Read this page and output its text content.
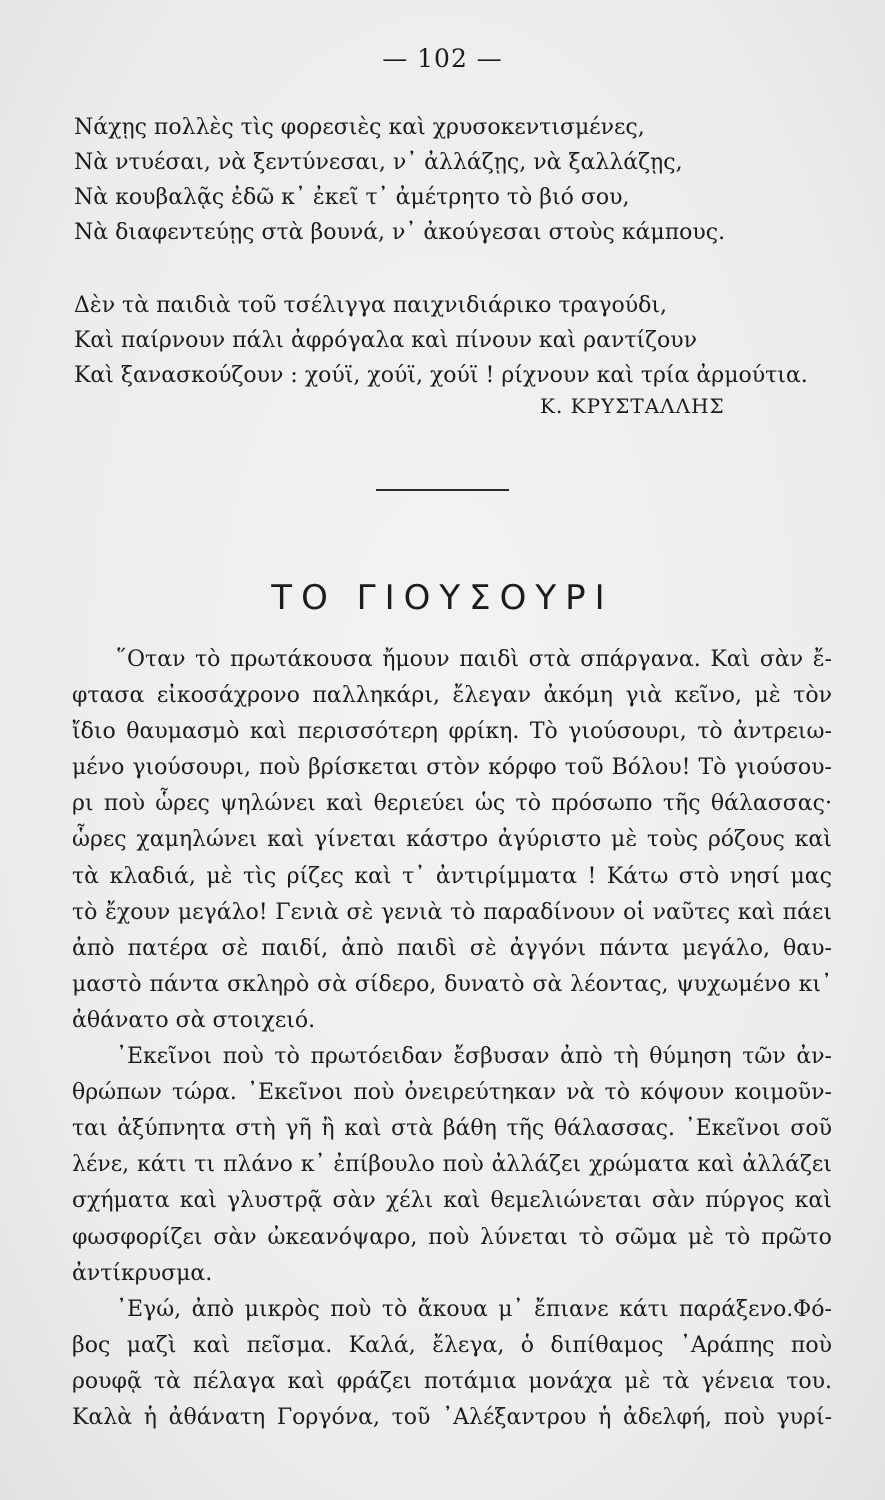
— 102 —
Νάχῃς πολλὲς τὶς φορεσιὲς καὶ χρυσοκεντισμένες,
Νὰ ντυέσαι, νὰ ξεντύνεσαι, ν᾿ ἀλλάζῃς, νὰ ξαλλάζῃς,
Νὰ κουβαλᾷς ἐδῶ κ᾿ ἐκεῖ τ᾿ ἀμέτρητο τὸ βιό σου,
Νὰ διαφεντεύῃς στὰ βουνά, ν᾿ ἀκούγεσαι στοὺς κάμπους.
Δὲν τὰ παιδιὰ τοῦ τσέλιγγα παιχνιδιάρικο τραγούδι,
Καὶ παίρνουν πάλι ἀφρόγαλα καὶ πίνουν καὶ ραντίζουν
Καὶ ξανασκούζουν : χούϊ, χούϊ, χούϊ ! ρίχνουν καὶ τρία ἀρμούτια.
Κ. ΚΡΥΣΤΑΛΛΗΣ
ΤΟ ΓΙΟΥΣΟΥΡΙ
῞Οταν τὸ πρωτάκουσα ἤμουν παιδὶ στὰ σπάργανα. Καὶ σὰν ἔ-
φτασα εἰκοσάχρονο παλληκάρι, ἔλεγαν ἀκόμη γιὰ κεῖνο, μὲ τὸν
ἴδιο θαυμασμὸ καὶ περισσότερη φρίκη. Τὸ γιούσουρι, τὸ ἀντρειω-
μένο γιούσουρι, ποὺ βρίσκεται στὸν κόρφο τοῦ Βόλου! Τὸ γιούσου-
ρι ποὺ ὧρες ψηλώνει καὶ θεριεύει ὡς τὸ πρόσωπο τῆς θάλασσας·
ὧρες χαμηλώνει καὶ γίνεται κάστρο ἀγύριστο μὲ τοὺς ρόζους καὶ
τὰ κλαδιά, μὲ τὶς ρίζες καὶ τ᾿ ἀντιρίμματα ! Κάτω στὸ νησί μας
τὸ ἔχουν μεγάλο! Γενιὰ σὲ γενιὰ τὸ παραδίνουν οἱ ναῦτες καὶ πάει
ἀπὸ πατέρα σὲ παιδί, ἀπὸ παιδὶ σὲ ἀγγόνι πάντα μεγάλο, θαυ-
μαστὸ πάντα σκληρὸ σὰ σίδερο, δυνατὸ σὰ λέοντας, ψυχωμένο κι᾿
ἀθάνατο σὰ στοιχειό.
᾿Εκεῖνοι ποὺ τὸ πρωτόειδαν ἔσβυσαν ἀπὸ τὴ θύμηση τῶν ἀν-
θρώπων τώρα. ᾿Εκεῖνοι ποὺ ὀνειρεύτηκαν νὰ τὸ κόψουν κοιμοῦν-
ται ἀξύπνητα στὴ γῆ ἢ καὶ στὰ βάθη τῆς θάλασσας. ᾿Εκεῖνοι σοῦ
λένε, κάτι τι πλάνο κ᾿ ἐπίβουλο ποὺ ἀλλάζει χρώματα καὶ ἀλλάζει
σχήματα καὶ γλυστρᾷ σὰν χέλι καὶ θεμελιώνεται σὰν πύργος καὶ
φωσφορίζει σὰν ὠκεανόψαρο, ποὺ λύνεται τὸ σῶμα μὲ τὸ πρῶτο
ἀντίκρυσμα.
᾿Εγώ, ἀπὸ μικρὸς ποὺ τὸ ἄκουα μ᾿ ἔπιανε κάτι παράξενο.Φό-
βος μαζὶ καὶ πεῖσμα. Καλά, ἔλεγα, ὁ διπίθαμος ᾿Αράπης ποὺ
ρουφᾷ τὰ πέλαγα καὶ φράζει ποτάμια μονάχα μὲ τὰ γένεια του.
Καλὰ ἡ ἀθάνατη Γοργόνα, τοῦ ᾿Αλέξαντρου ἡ ἀδελφή, ποὺ γυρί-
